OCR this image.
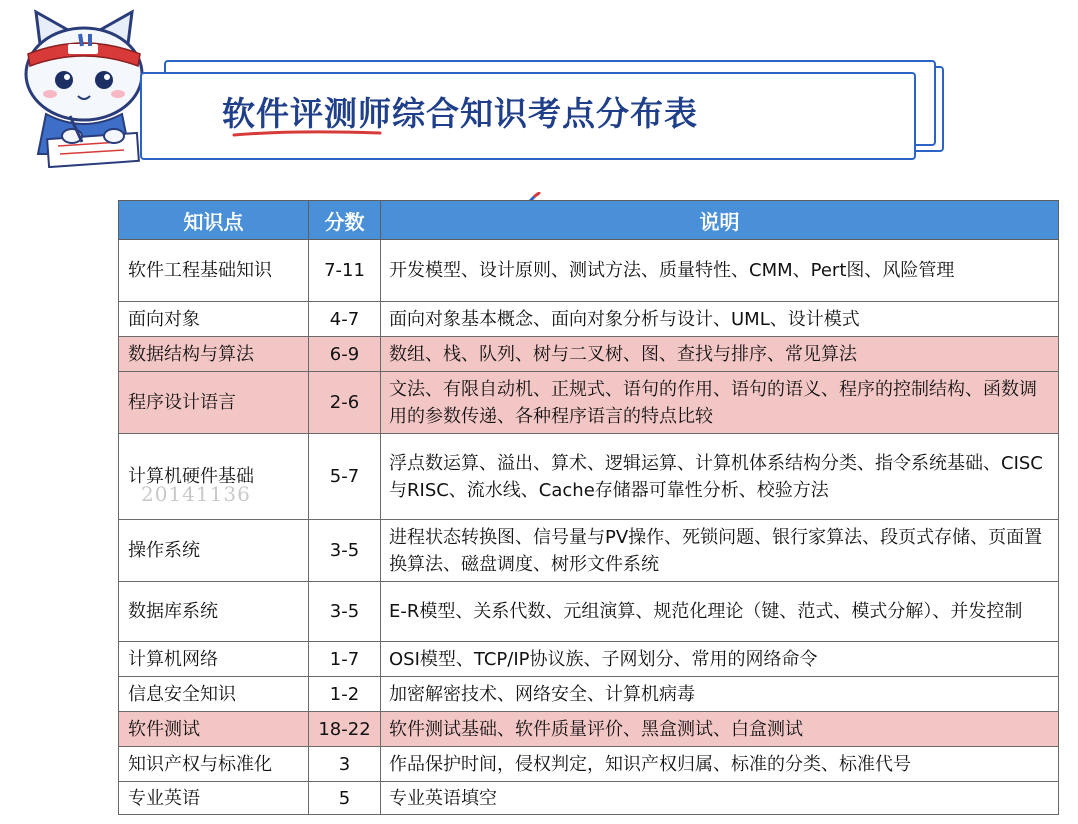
软件评测师综合知识考点分布表
知识点	分数	说明
软件工程基础知识	7-11	开发模型、设计原则、测试方法、质量特性、CMM、Pert图、风险管理
面向对象	4-7	面向对象基本概念、面向对象分析与设计、UML、设计模式
数据结构与算法	6-9	数组、栈、队列、树与二叉树、图、查找与排序、常见算法
程序设计语言	2-6	文法、有限自动机、正规式、语句的作用、语句的语义、程序的控制结构、函数调用的参数传递、各种程序语言的特点比较
计算机硬件基础	5-7	浮点数运算、溢出、算术、逻辑运算、计算机体系结构分类、指令系统基础、CISC与RISC、流水线、Cache存储器可靠性分析、校验方法
操作系统	3-5	进程状态转换图、信号量与PV操作、死锁问题、银行家算法、段页式存储、页面置换算法、磁盘调度、树形文件系统
数据库系统	3-5	E-R模型、关系代数、元组演算、规范化理论（键、范式、模式分解）、并发控制
计算机网络	1-7	OSI模型、TCP/IP协议族、子网划分、常用的网络命令
信息安全知识	1-2	加密解密技术、网络安全、计算机病毒
软件测试	18-22	软件测试基础、软件质量评价、黑盒测试、白盒测试
知识产权与标准化	3	作品保护时间，侵权判定，知识产权归属、标准的分类、标准代号
专业英语	5	专业英语填空
20141136
